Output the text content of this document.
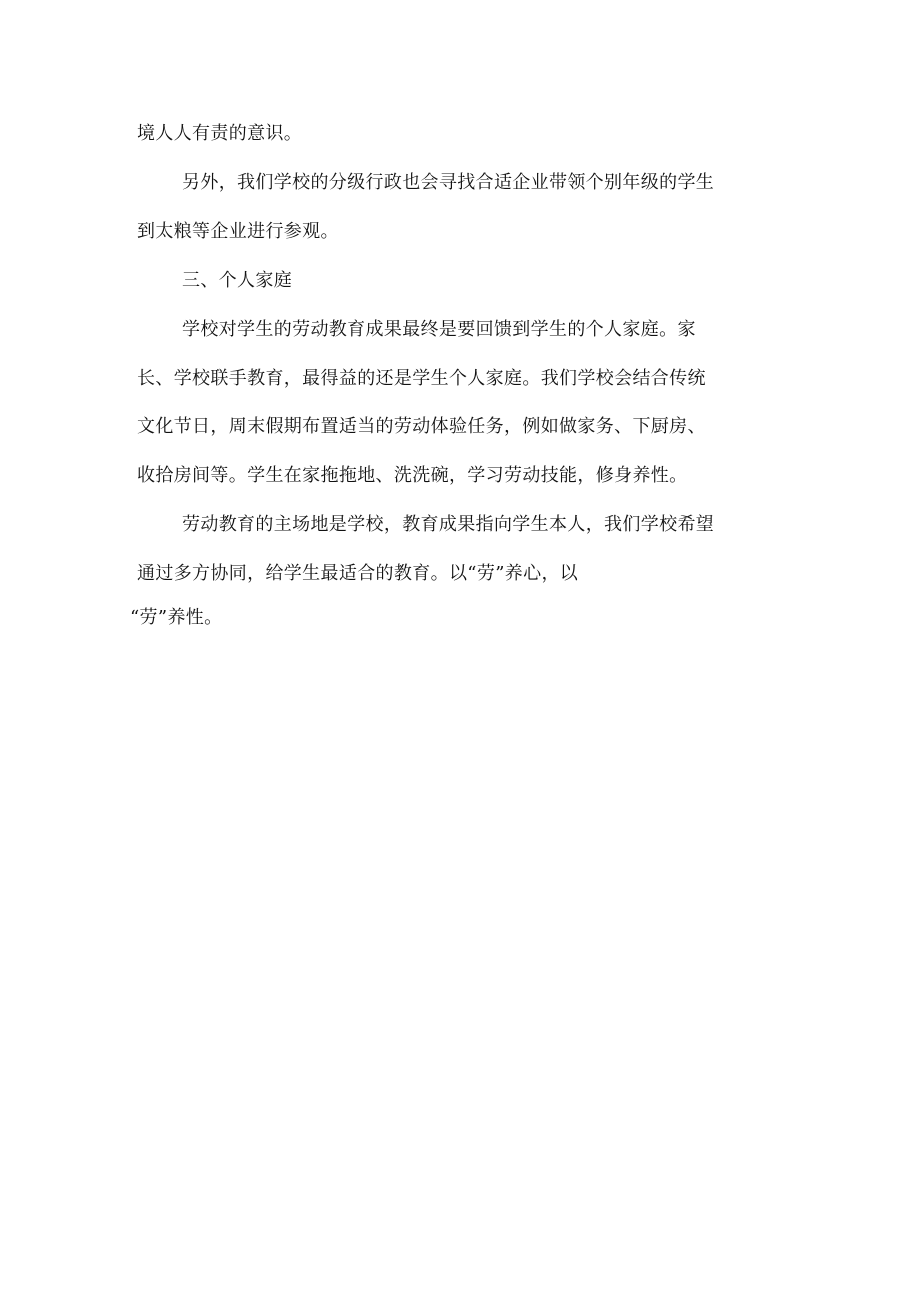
境人人有责的意识。
另外，我们学校的分级行政也会寻找合适企业带领个别年级的学生
到太粮等企业进行参观。
三、个人家庭
学校对学生的劳动教育成果最终是要回馈到学生的个人家庭。家
长、学校联手教育，最得益的还是学生个人家庭。我们学校会结合传统
文化节日，周末假期布置适当的劳动体验任务，例如做家务、下厨房、
收拾房间等。学生在家拖拖地、洗洗碗，学习劳动技能，修身养性。
劳动教育的主场地是学校，教育成果指向学生本人，我们学校希望
通过多方协同，给学生最适合的教育。以“劳”养心，以
“劳”养性。
